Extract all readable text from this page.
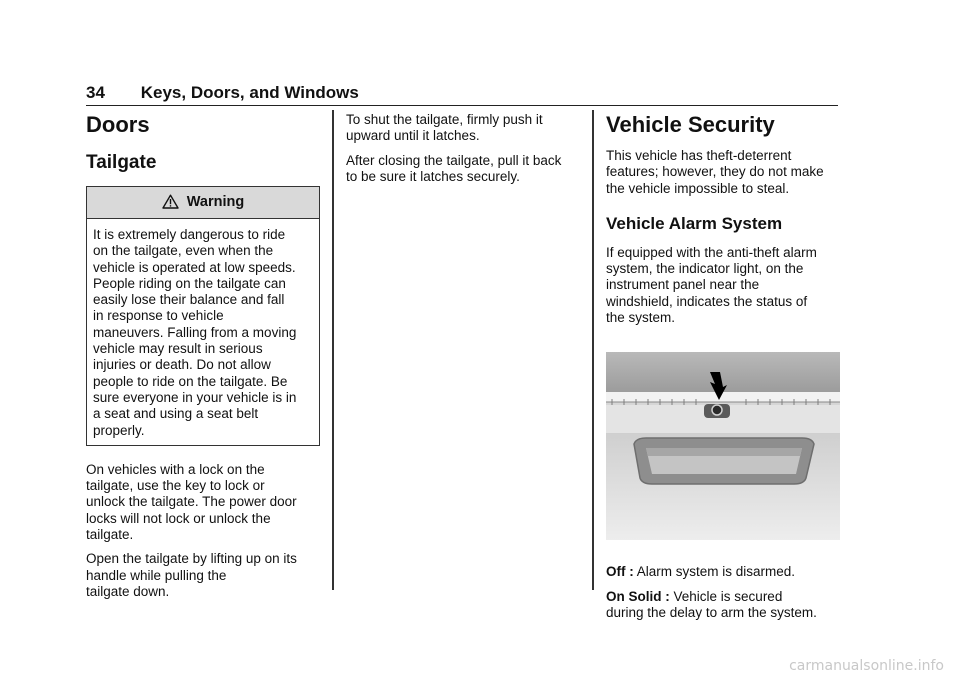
34 Keys, Doors, and Windows
Doors
Tailgate
Warning
It is extremely dangerous to ride
on the tailgate, even when the
vehicle is operated at low speeds.
People riding on the tailgate can
easily lose their balance and fall
in response to vehicle
maneuvers. Falling from a moving
vehicle may result in serious
injuries or death. Do not allow
people to ride on the tailgate. Be
sure everyone in your vehicle is in
a seat and using a seat belt
properly.

On vehicles with a lock on the
tailgate, use the key to lock or
unlock the tailgate. The power door
locks will not lock or unlock the
tailgate.

Open the tailgate by lifting up on its
handle while pulling the
tailgate down.

To shut the tailgate, firmly push it
upward until it latches.

After closing the tailgate, pull it back
to be sure it latches securely.

Vehicle Security

This vehicle has theft-deterrent
features; however, they do not make
the vehicle impossible to steal.

Vehicle Alarm System

If equipped with the anti-theft alarm
system, the indicator light, on the
instrument panel near the
windshield, indicates the status of
the system.

Off : Alarm system is disarmed.

On Solid : Vehicle is secured
during the delay to arm the system.

carmanualsonline.info
